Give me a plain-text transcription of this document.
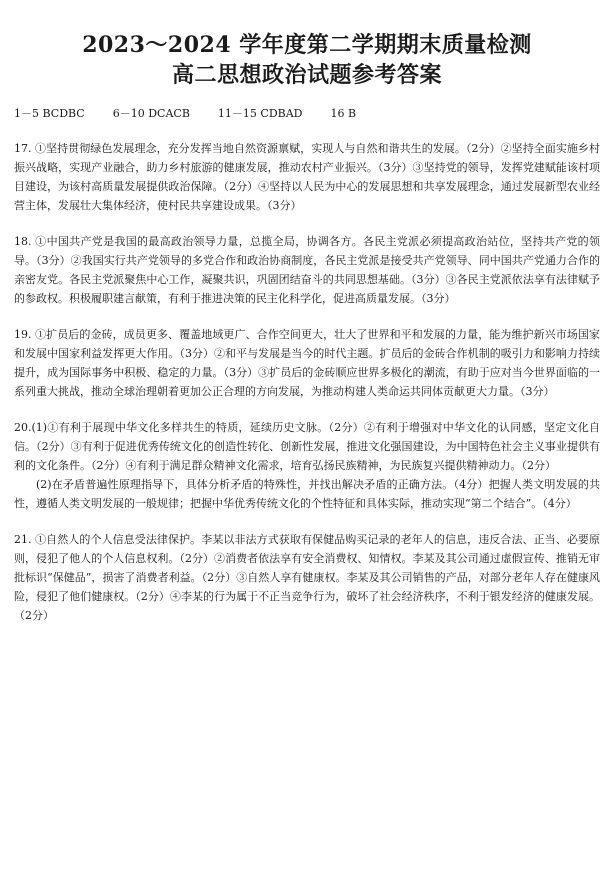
2023～2024 学年度第二学期期末质量检测
高二思想政治试题参考答案
1－5 BCDBC	6－10 DCACB	11－15 CDBAD	16 B

17. ①坚持贯彻绿色发展理念，充分发挥当地自然资源禀赋，实现人与自然和谐共生的发展。（2分）②坚持全面实施乡村振兴战略，实现产业融合，助力乡村旅游的健康发展，推动农村产业振兴。（3分）③坚持党的领导，发挥党建赋能该村项目建设，为该村高质量发展提供政治保障。（2分）④坚持以人民为中心的发展思想和共享发展理念，通过发展新型农业经营主体，发展壮大集体经济，使村民共享建设成果。（3分）

18. ①中国共产党是我国的最高政治领导力量，总揽全局，协调各方。各民主党派必须提高政治站位，坚持共产党的领导。（3分）②我国实行共产党领导的多党合作和政治协商制度，各民主党派是接受共产党领导、同中国共产党通力合作的亲密友党。各民主党派聚焦中心工作，凝聚共识，巩固团结奋斗的共同思想基础。（3分）③各民主党派依法享有法律赋予的参政权。积极履职建言献策，有利于推进决策的民主化科学化，促进高质量发展。（3分）

19. ①扩员后的金砖，成员更多、覆盖地域更广、合作空间更大，壮大了世界和平和发展的力量，能为维护新兴市场国家和发展中国家利益发挥更大作用。（3分）②和平与发展是当今的时代主题。扩员后的金砖合作机制的吸引力和影响力持续提升，成为国际事务中积极、稳定的力量。（3分）③扩员后的金砖顺应世界多极化的潮流，有助于应对当今世界面临的一系列重大挑战，推动全球治理朝着更加公正合理的方向发展，为推动构建人类命运共同体贡献更大力量。（3分）

20.(1)①有利于展现中华文化多样共生的特质，延续历史文脉。（2分）②有利于增强对中华文化的认同感，坚定文化自信。（2分）③有利于促进优秀传统文化的创造性转化、创新性发展，推进文化强国建设，为中国特色社会主义事业提供有利的文化条件。（2分）④有利于满足群众精神文化需求，培育弘扬民族精神，为民族复兴提供精神动力。（2分）

(2)在矛盾普遍性原理指导下，具体分析矛盾的特殊性，并找出解决矛盾的正确方法。（4分）把握人类文明发展的共性，遵循人类文明发展的一般规律；把握中华优秀传统文化的个性特征和具体实际，推动实现“第二个结合”。（4分）

21. ①自然人的个人信息受法律保护。李某以非法方式获取有保健品购买记录的老年人的信息，违反合法、正当、必要原则，侵犯了他人的个人信息权利。（2分）②消费者依法享有安全消费权、知情权。李某及其公司通过虚假宣传、推销无审批标识“保健品”，损害了消费者利益。（2分）③自然人享有健康权。李某及其公司销售的产品，对部分老年人存在健康风险，侵犯了他们健康权。（2分）④李某的行为属于不正当竞争行为，破坏了社会经济秩序，不利于银发经济的健康发展。（2分）
